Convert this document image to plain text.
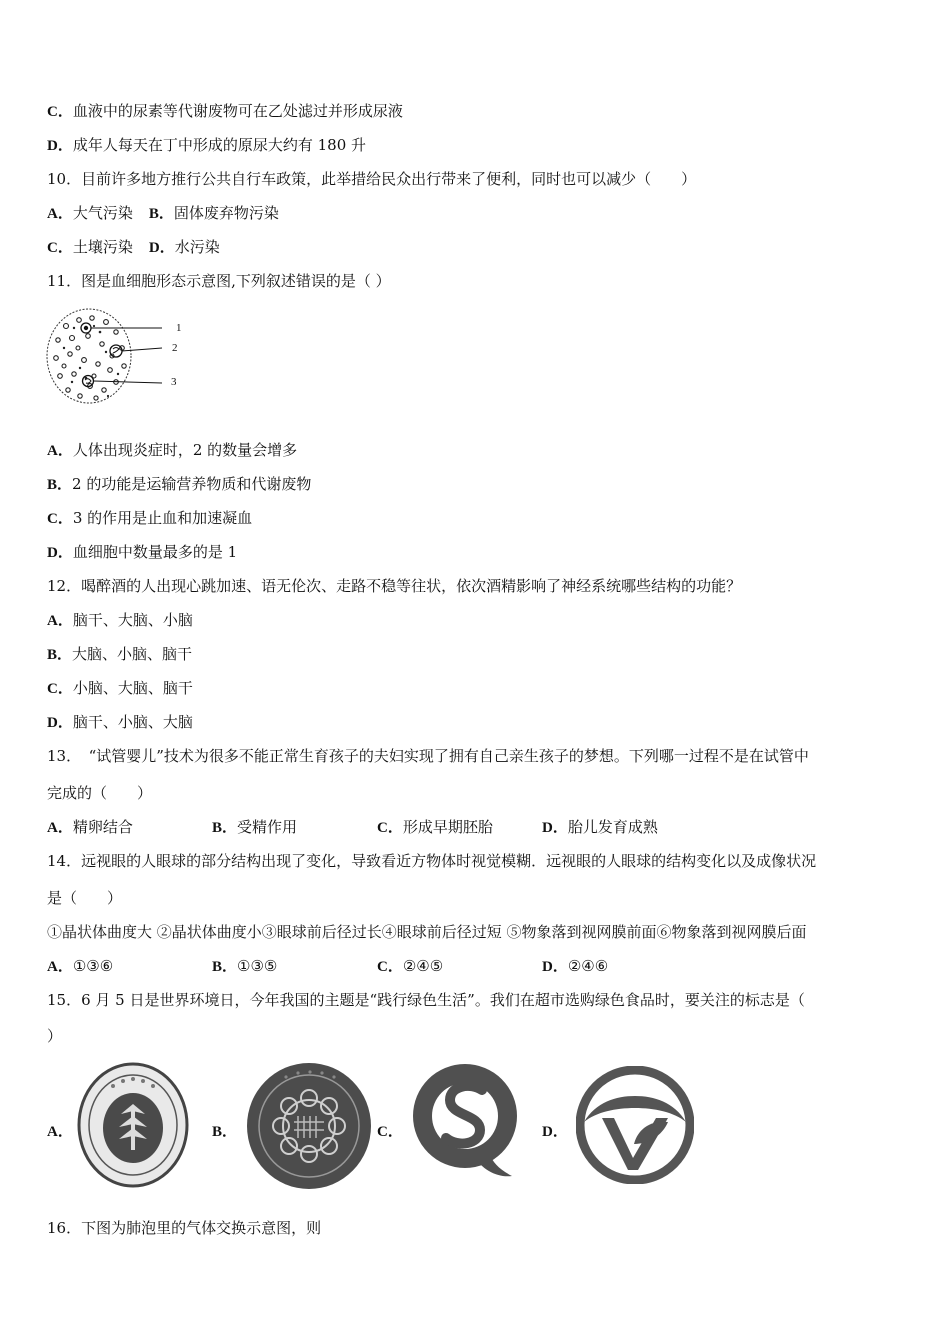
C．血液中的尿素等代谢废物可在乙处滤过并形成尿液
D．成年人每天在丁中形成的原尿大约有 180 升
10．目前许多地方推行公共自行车政策，此举措给民众出行带来了便利，同时也可以减少（　　）
A．大气污染 B．固体废弃物污染
C．土壤污染 D．水污染
11．图是血细胞形态示意图,下列叙述错误的是（ ）
1
2
3
A．人体出现炎症时，2 的数量会增多
B．2 的功能是运输营养物质和代谢废物
C．3 的作用是止血和加速凝血
D．血细胞中数量最多的是 1
12．喝醉酒的人出现心跳加速、语无伦次、走路不稳等往状，依次酒精影响了神经系统哪些结构的功能？
A．脑干、大脑、小脑
B．大脑、小脑、脑干
C．小脑、大脑、脑干
D．脑干、小脑、大脑
13．　“试管婴儿”技术为很多不能正常生育孩子的夫妇实现了拥有自己亲生孩子的梦想。下列哪一过程不是在试管中
完成的（　　）
A．精卵结合	B．受精作用	C．形成早期胚胎	D．胎儿发育成熟
14．远视眼的人眼球的部分结构出现了变化，导致看近方物体时视觉模糊．远视眼的人眼球的结构变化以及成像状况
是（　　）
①晶状体曲度大 ②晶状体曲度小③眼球前后径过长④眼球前后径过短 ⑤物象落到视网膜前面⑥物象落到视网膜后面
A．①③⑥	B．①③⑤	C．②④⑤	D．②④⑥
15．6 月 5 日是世界环境日，今年我国的主题是“践行绿色生活”。我们在超市选购绿色食品时，要关注的标志是（
）
A．	B．	C．	D．
16．下图为肺泡里的气体交换示意图，则
